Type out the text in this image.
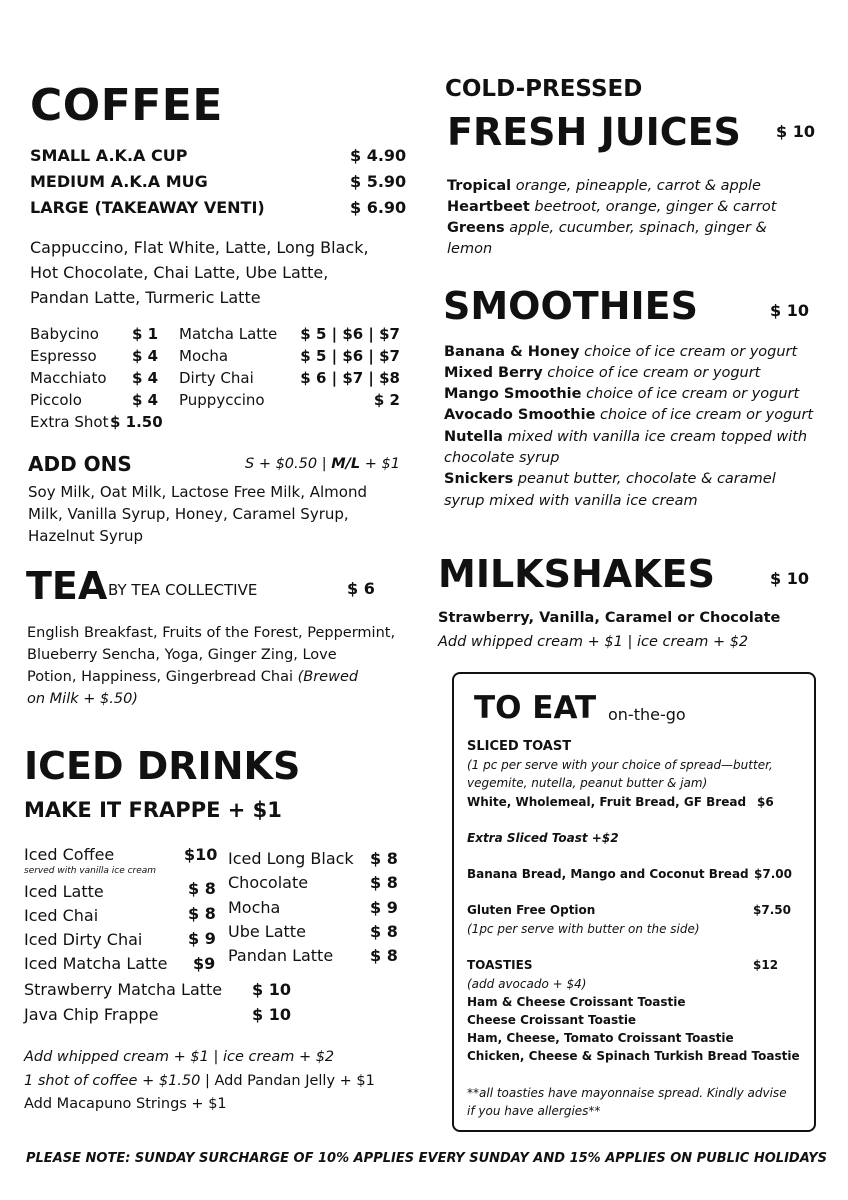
COFFEE
SMALL A.K.A CUP	$ 4.90
MEDIUM A.K.A MUG	$ 5.90
LARGE (TAKEAWAY VENTI)	$ 6.90
Cappuccino, Flat White, Latte, Long Black,
Hot Chocolate, Chai Latte, Ube Latte,
Pandan Latte, Turmeric Latte
Babycino $ 1
Espresso $ 4
Macchiato $ 4
Piccolo	$ 4
Matcha Latte	$ 5 | $6 | $7
Mocha	$ 5 | $6 | $7
Dirty Chai	$ 6 | $7 | $8
Puppyccino	$ 2
Extra Shot $ 1.50
ADD ONS	S + $0.50 | M/L + $1
Soy Milk, Oat Milk, Lactose Free Milk, Almond
Milk, Vanilla Syrup, Honey, Caramel Syrup,
Hazelnut Syrup
TEA BY TEA COLLECTIVE	$ 6
English Breakfast, Fruits of the Forest, Peppermint,
Blueberry Sencha, Yoga, Ginger Zing, Love
Potion, Happiness, Gingerbread Chai (Brewed
on Milk + $.50)
ICED DRINKS
MAKE IT FRAPPE + $1
Iced Coffee	$10
served with vanilla ice cream
Iced Latte	$ 8
Iced Chai	$ 8
Iced Dirty Chai	$ 9
Iced Matcha Latte $9
Iced Long Black $ 8
Chocolate	$ 8
Mocha	$ 9
Ube Latte	$ 8
Pandan Latte $ 8
Strawberry Matcha Latte $ 10
Java Chip Frappe	$ 10
Add whipped cream + $1 | ice cream + $2
1 shot of coffee + $1.50 | Add Pandan Jelly + $1
Add Macapuno Strings + $1
COLD-PRESSED
FRESH JUICES $ 10
Tropical orange, pineapple, carrot & apple
Heartbeet beetroot, orange, ginger & carrot
Greens apple, cucumber, spinach, ginger &
lemon
SMOOTHIES	$ 10
Banana & Honey choice of ice cream or yogurt
Mixed Berry choice of ice cream or yogurt
Mango Smoothie choice of ice cream or yogurt
Avocado Smoothie choice of ice cream or yogurt
Nutella mixed with vanilla ice cream topped with
chocolate syrup
Snickers peanut butter, chocolate & caramel
syrup mixed with vanilla ice cream
MILKSHAKES	$ 10
Strawberry, Vanilla, Caramel or Chocolate
Add whipped cream + $1 | ice cream + $2
TO EAT on-the-go
SLICED TOAST
(1 pc per serve with your choice of spread—butter,
vegemite, nutella, peanut butter & jam)
White, Wholemeal, Fruit Bread, GF Bread $6
Extra Sliced Toast +$2
Banana Bread, Mango and Coconut Bread $7.00
Gluten Free Option	$7.50
(1pc per serve with butter on the side)
TOASTIES	$12
(add avocado + $4)
Ham & Cheese Croissant Toastie
Cheese Croissant Toastie
Ham, Cheese, Tomato Croissant Toastie
Chicken, Cheese & Spinach Turkish Bread Toastie
**all toasties have mayonnaise spread. Kindly advise
if you have allergies**
PLEASE NOTE: SUNDAY SURCHARGE OF 10% APPLIES EVERY SUNDAY AND 15% APPLIES ON PUBLIC HOLIDAYS
